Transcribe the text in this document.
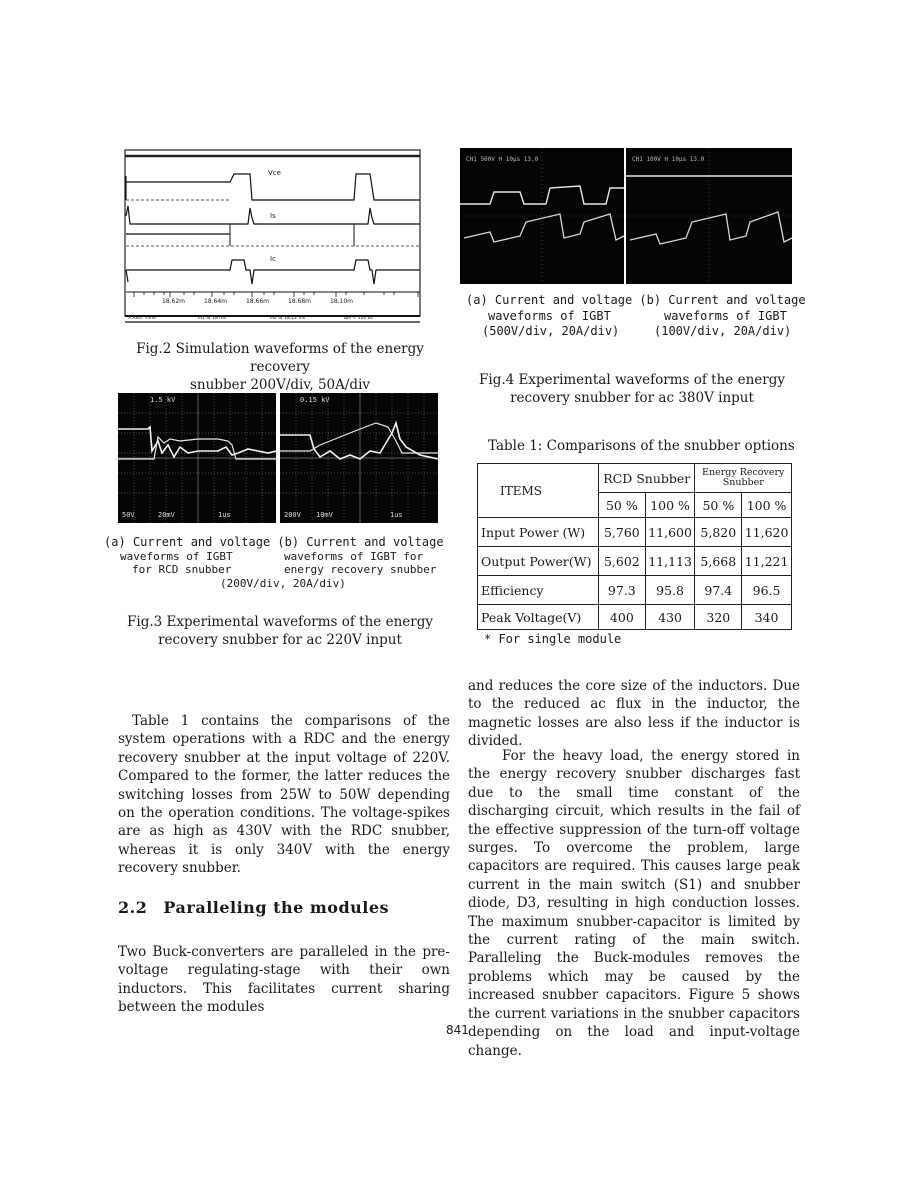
Vce
Is
Ic
18.62m	18.64m	18.66m	18.68m	18.10m
X Axis: Time	M1 at 18 ms	M2 at 18.12 ms	ΔM = 120 us
Fig.2 Simulation waveforms of the energy recovery
snubber 200V/div, 50A/div
1.5 kV
50V	20mV	1us
0.15 kV
200V 10mV	1us
(a) Current and voltage (b) Current and voltage
waveforms of IGBT
for RCD snubber
waveforms of IGBT for
energy recovery snubber
(200V/div, 20A/div)
Fig.3 Experimental waveforms of the energy
recovery snubber for ac 220V input
CH1 500V H 10μs 13.0	CH1 100V H 10μs 13.0
(a) Current and voltage (b) Current and voltage
waveforms of IGBT
(500V/div, 20A/div)
waveforms of IGBT
(100V/div, 20A/div)
Fig.4 Experimental waveforms of the energy
recovery snubber for ac 380V input
Table 1: Comparisons of the snubber options
ITEMS	RCD Snubber		Energy Recovery
Snubber	

	50 %	100 %	50 %	100 %
Input Power (W)	5,760	11,600	5,820	11,620
Output Power(W)	5,602	11,113	5,668	11,221
Efficiency	97.3	95.8	97.4	96.5
Peak Voltage(V)	400	430	320	340
* For single module
Table 1 contains the comparisons of the system operations with a RDC and the energy recovery snubber at the input voltage of 220V. Compared to the former, the latter reduces the switching losses from 25W to 50W depending on the operation conditions. The voltage-spikes are as high as 430V with the RDC snubber, whereas it is only 340V with the energy recovery snubber.
2.2 Paralleling the modules
Two Buck-converters are paralleled in the pre-voltage regulating-stage with their own inductors. This facilitates current sharing between the modules
and reduces the core size of the inductors. Due to the reduced ac flux in the inductor, the magnetic losses are also less if the inductor is divided.
For the heavy load, the energy stored in the energy recovery snubber discharges fast due to the small time constant of the discharging circuit, which results in the fail of the effective suppression of the turn-off voltage surges. To overcome the problem, large capacitors are required. This causes large peak current in the main switch (S1) and snubber diode, D3, resulting in high conduction losses. The maximum snubber-capacitor is limited by the current rating of the main switch. Paralleling the Buck-modules removes the problems which may be caused by the increased snubber capacitors. Figure 5 shows the current variations in the snubber capacitors depending on the load and input-voltage change.
841
